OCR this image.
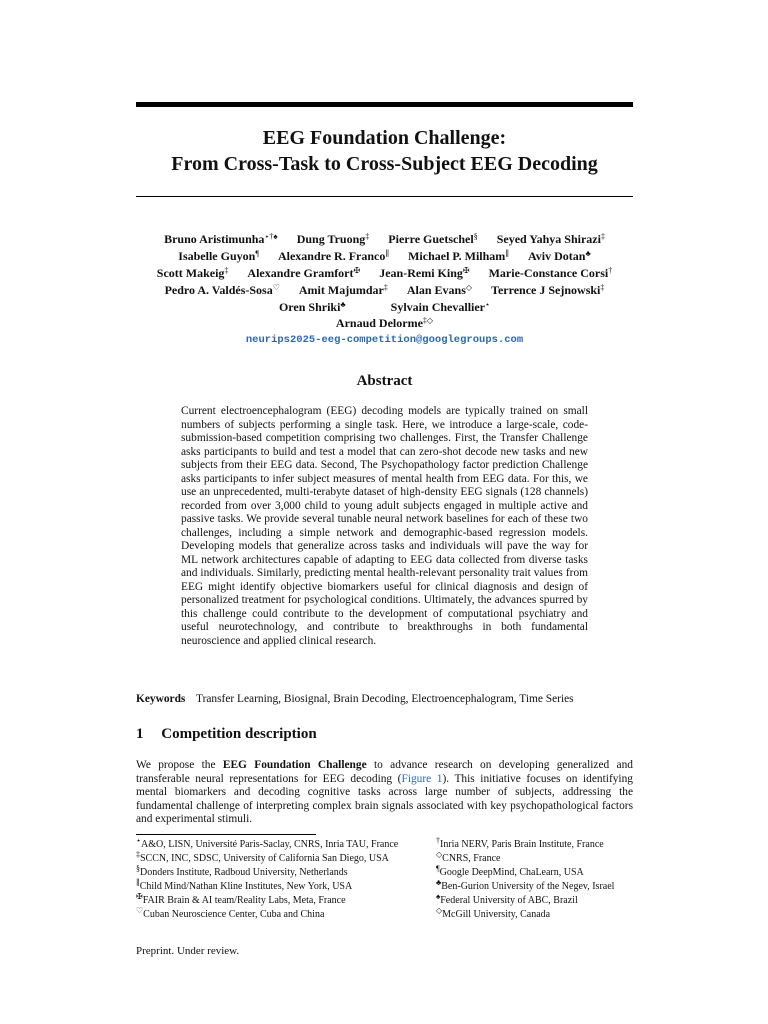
EEG Foundation Challenge:
From Cross-Task to Cross-Subject EEG Decoding
Bruno Aristimunha⋆†♠ Dung Truong‡ Pierre Guetschel§ Seyed Yahya Shirazi‡
Isabelle Guyon¶ Alexandre R. Franco∥ Michael P. Milham∥ Aviv Dotan♣
Scott Makeig‡ Alexandre Gramfort✠ Jean-Remi King✠ Marie-Constance Corsi†
Pedro A. Valdés-Sosa♡ Amit Majumdar‡ Alan Evans◇ Terrence J Sejnowski‡
Oren Shriki♣	Sylvain Chevallier⋆
Arnaud Delorme‡◇
neurips2025-eeg-competition@googlegroups.com
Abstract
Current electroencephalogram (EEG) decoding models are typically trained on small numbers of subjects performing a single task. Here, we introduce a large-scale, code-submission-based competition comprising two challenges. First, the Transfer Challenge asks participants to build and test a model that can zero-shot decode new tasks and new subjects from their EEG data. Second, The Psychopathology factor prediction Challenge asks participants to infer subject measures of mental health from EEG data. For this, we use an unprecedented, multi-terabyte dataset of high-density EEG signals (128 channels) recorded from over 3,000 child to young adult subjects engaged in multiple active and passive tasks. We provide several tunable neural network baselines for each of these two challenges, including a simple network and demographic-based regression models. Developing models that generalize across tasks and individuals will pave the way for ML network architectures capable of adapting to EEG data collected from diverse tasks and individuals. Similarly, predicting mental health-relevant personality trait values from EEG might identify objective biomarkers useful for clinical diagnosis and design of personalized treatment for psychological conditions. Ultimately, the advances spurred by this challenge could contribute to the development of computational psychiatry and useful neurotechnology, and contribute to breakthroughs in both fundamental neuroscience and applied clinical research.
Keywords Transfer Learning, Biosignal, Brain Decoding, Electroencephalogram, Time Series
1 Competition description
We propose the EEG Foundation Challenge to advance research on developing generalized and transferable neural representations for EEG decoding (Figure 1). This initiative focuses on identifying mental biomarkers and decoding cognitive tasks across large number of subjects, addressing the fundamental challenge of interpreting complex brain signals associated with key psychopathological factors and experimental stimuli.
⋆A&O, LISN, Université Paris-Saclay, CNRS, Inria TAU, France
‡SCCN, INC, SDSC, University of California San Diego, USA
§Donders Institute, Radboud University, Netherlands
∥Child Mind/Nathan Kline Institutes, New York, USA
✠FAIR Brain & AI team/Reality Labs, Meta, France
♡Cuban Neuroscience Center, Cuba and China
†Inria NERV, Paris Brain Institute, France
◇CNRS, France
¶Google DeepMind, ChaLearn, USA
♣Ben-Gurion University of the Negev, Israel
♠Federal University of ABC, Brazil
◇McGill University, Canada
Preprint. Under review.
